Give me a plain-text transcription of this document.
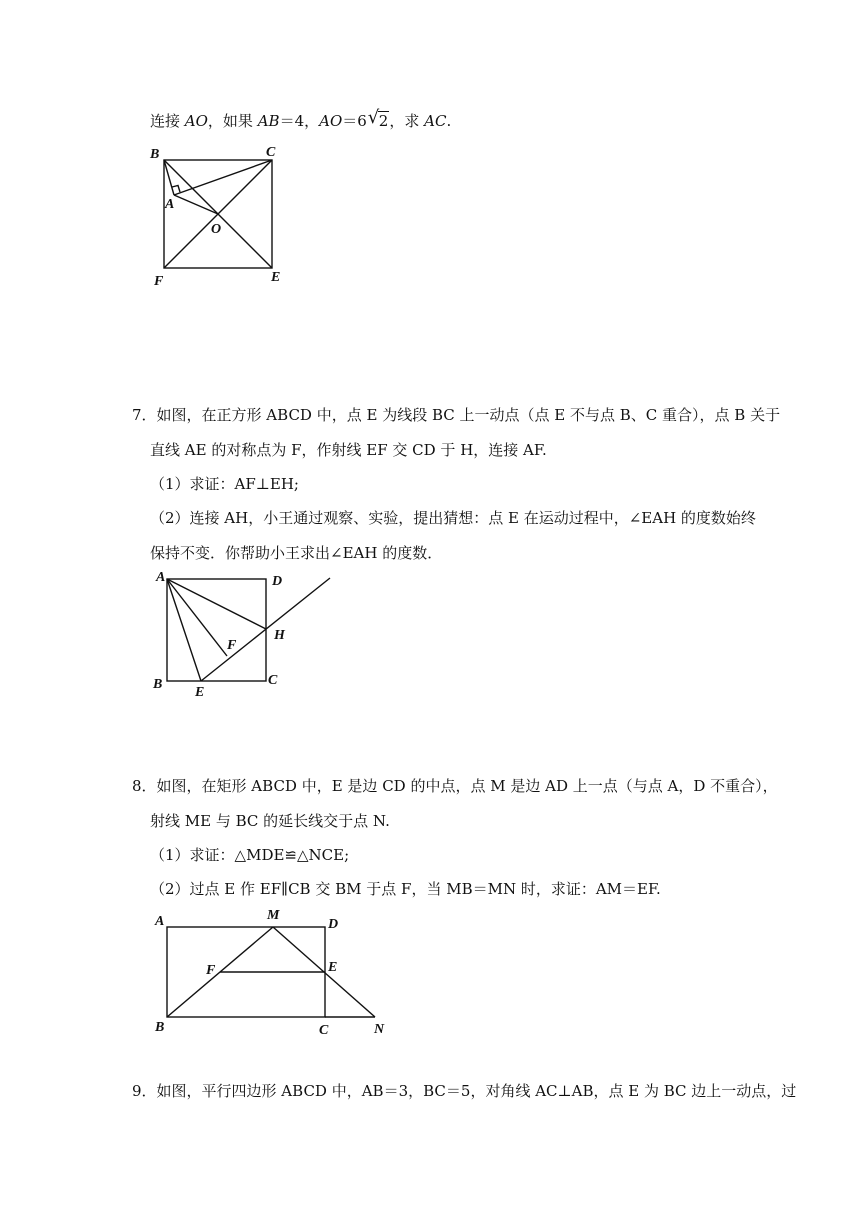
连接 AO，如果 AB＝4，AO＝6 √ 2，求 AC.
B	C
A
O
F	E
7．如图，在正方形 ABCD 中，点 E 为线段 BC 上一动点（点 E 不与点 B、C 重合），点 B 关于
直线 AE 的对称点为 F，作射线 EF 交 CD 于 H，连接 AF.
（1）求证：AF⊥EH;
（2）连接 AH，小王通过观察、实验，提出猜想：点 E 在运动过程中，∠EAH 的度数始终
保持不变．你帮助小王求出∠EAH 的度数．
A	D
F
H
B
E
C
8．如图，在矩形 ABCD 中，E 是边 CD 的中点，点 M 是边 AD 上一点（与点 A，D 不重合），
射线 ME 与 BC 的延长线交于点 N.
（1）求证：△MDE≌△NCE;
（2）过点 E 作 EF∥CB 交 BM 于点 F，当 MB＝MN 时，求证：AM＝EF.
A	M
D
F	E
B	C	N
9．如图，平行四边形 ABCD 中，AB＝3，BC＝5，对角线 AC⊥AB，点 E 为 BC 边上一动点，过
